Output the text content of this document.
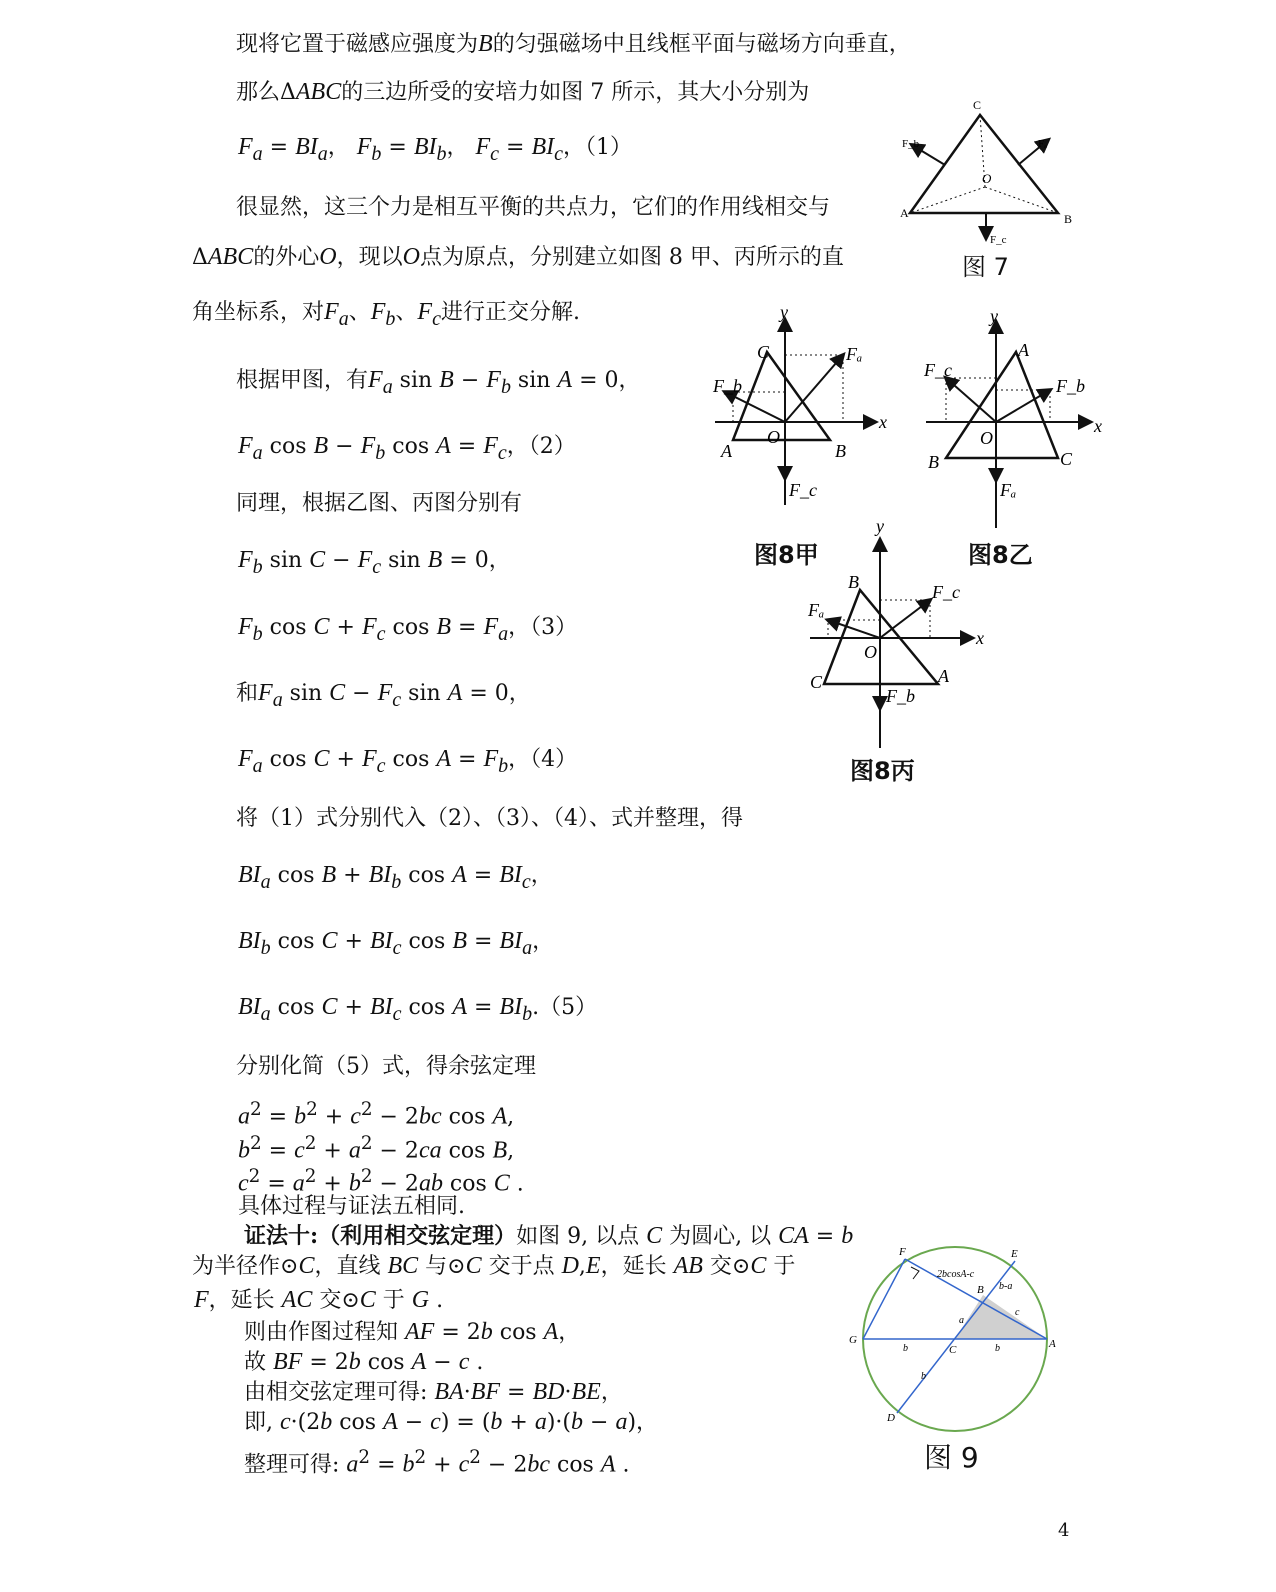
现将它置于磁感应强度为B的匀强磁场中且线框平面与磁场方向垂直，
那么ΔABC的三边所受的安培力如图 7 所示，其大小分别为
$F_a = BI_a$， $F_b = BI_b$， $F_c = BI_c$，（1）
很显然，这三个力是相互平衡的共点力，它们的作用线相交与
ΔABC的外心O，现以O点为原点，分别建立如图 8 甲、丙所示的直
角坐标系，对$F_a$、$F_b$、$F_c$进行正交分解.
根据甲图，有$F_a$ $\sin B - F_b$ sin A = 0，
$F_a$ $\cos B - F_b$ $\cos A = F_c$，（2）
同理，根据乙图、丙图分别有
$F_b$ $\sin C - F_c$ sin B = 0，
$F_b$ $\cos C + F_c$ $\cos B = F_a$，（3）
和$F_a$ $\sin C - F_c$ sin A = 0，
$F_a$ $\cos C + F_c$ $\cos A = F_b$，（4）
将（1）式分别代入（2）、（3）、（4）、式并整理，得
$BI_a$ $\cos B + BI_b$ $\cos A = BI_c$，
$BI_b$ $\cos C + BI_c$ $\cos B = BI_a$，
$BI_a$ $\cos C + BI_c$ $\cos A = BI_b.(5)$
分别化简（5）式，得余弦定理
$a^2 = b^2 + c^2 - 2bc$ cos A,
$b^2 = c^2 + a^2 - 2ca$ cos B,
$c^2 = a^2 + b^2 - 2ab$ cos C .
具体过程与证法五相同.
证法十:（利用相交弦定理）如图 9, 以点 C 为圆心, 以 CA = b
为半径作⊙C，直线 BC 与⊙C 交于点 D,E，延长 AB 交⊙C 于
F，延长 AC 交⊙C 于 G .
则由作图过程知 AF = 2b cos A，
故 BF = 2b cos A − c .
由相交弦定理可得: BA·BF = BD·BE，
即, c·(2b cos A − c) = (b + a)·(b − a)，
整理可得: $a^2 = b^2 + c^2 - 2bc$ cos A .
C
A	B
O
Fₐ
F_b
F_c
图 7
y
x
C
A	B
O
Fₐ
F_b
F_c
图8甲
y
x
A
B	C
O
Fₐ
F_b
F_c
图8乙
y
x
B
C	A
O
Fₐ
F_b
F_c
图8丙
F	E
B
G
C	A
D
2bcosA-c
b-a
c
a
b	b
b
图 9
4
